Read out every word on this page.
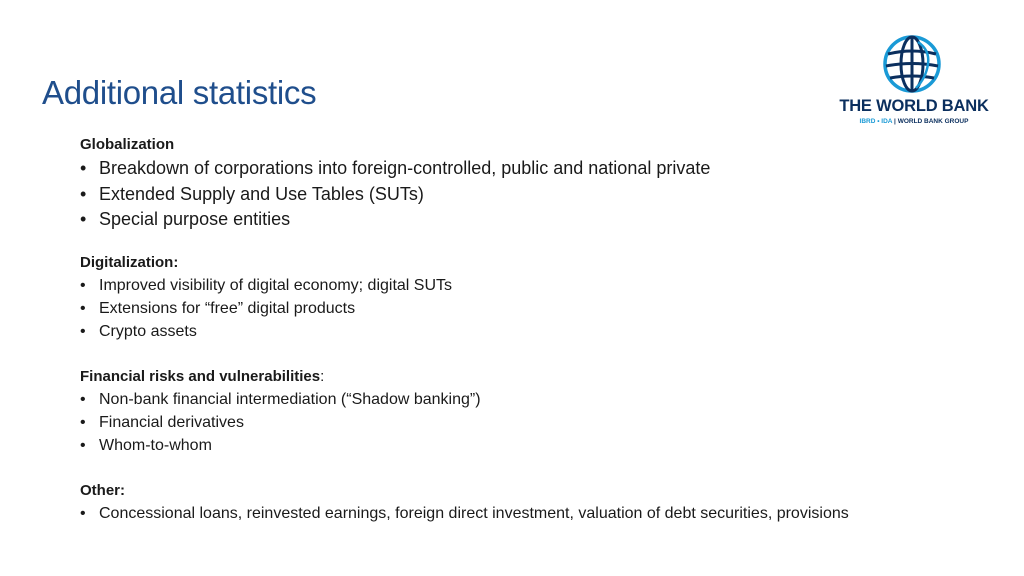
Additional statistics	THE WORLD BANK
IBRD • IDA | WORLD BANK GROUP

Globalization

• Breakdown of corporations into foreign-controlled, public and national private
• Extended Supply and Use Tables (SUTs)
• Special purpose entities

Digitalization:

• Improved visibility of digital economy; digital SUTs
• Extensions for “free” digital products
• Crypto assets

Financial risks and vulnerabilities:

• Non-bank financial intermediation (“Shadow banking”)
• Financial derivatives
• Whom-to-whom

Other:

• Concessional loans, reinvested earnings, foreign direct investment, valuation of debt securities, provisions
